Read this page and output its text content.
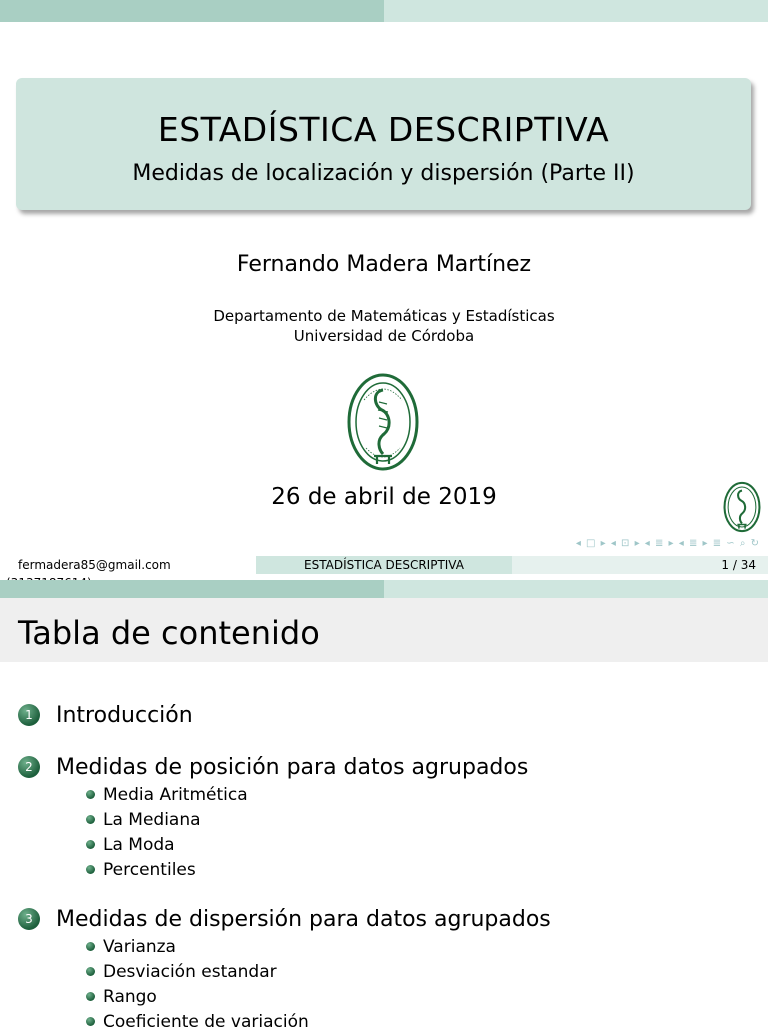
ESTADÍSTICA DESCRIPTIVA
Medidas de localización y dispersión (Parte II)
Fernando Madera Martínez
Departamento de Matemáticas y Estadísticas
Universidad de Córdoba
26 de abril de 2019
◂ □ ▸ ◂ ⊡ ▸ ◂ ≣ ▸ ◂ ≣ ▸ ≣ ∽ ⌕ ↻
fermadera85@gmail.com	ESTADÍSTICA DESCRIPTIVA	1 / 34
Tabla de contenido
1	Introducción
2	Medidas de posición para datos agrupados
Media Aritmética
La Mediana
La Moda
Percentiles
3	Medidas de dispersión para datos agrupados
Varianza
Desviación estandar
Rango
Coeficiente de variación
